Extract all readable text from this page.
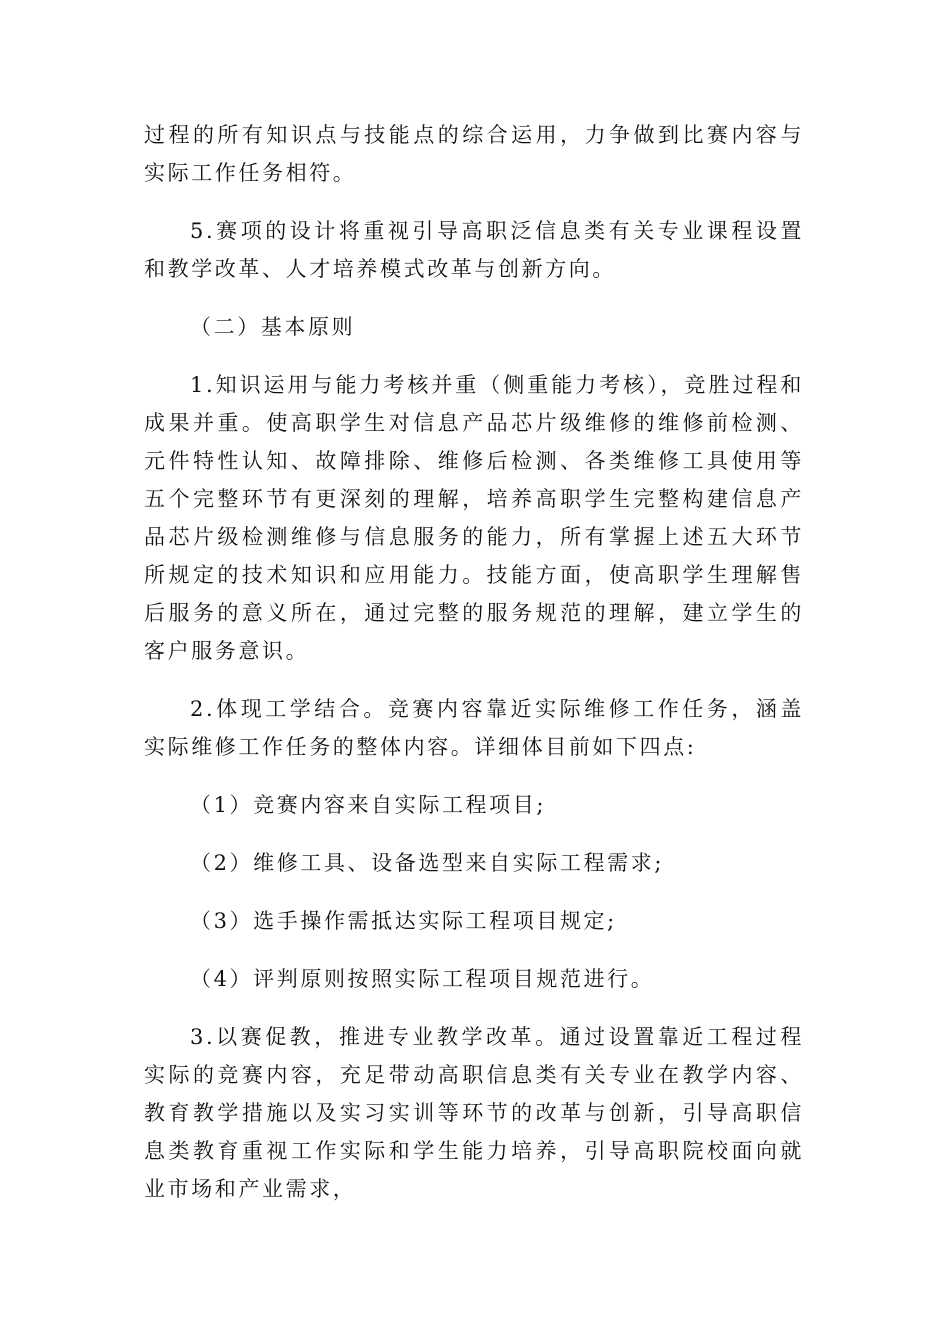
过程的所有知识点与技能点的综合运用，力争做到比赛内容与实际工作任务相符。

5.赛项的设计将重视引导高职泛信息类有关专业课程设置和教学改革、人才培养模式改革与创新方向。

（二）基本原则

1.知识运用与能力考核并重（侧重能力考核），竞胜过程和成果并重。使高职学生对信息产品芯片级维修的维修前检测、元件特性认知、故障排除、维修后检测、各类维修工具使用等五个完整环节有更深刻的理解，培养高职学生完整构建信息产品芯片级检测维修与信息服务的能力，所有掌握上述五大环节所规定的技术知识和应用能力。技能方面，使高职学生理解售后服务的意义所在，通过完整的服务规范的理解，建立学生的客户服务意识。

2.体现工学结合。竞赛内容靠近实际维修工作任务，涵盖实际维修工作任务的整体内容。详细体目前如下四点:

（1）竞赛内容来自实际工程项目;

（2）维修工具、设备选型来自实际工程需求;

（3）选手操作需抵达实际工程项目规定;

（4）评判原则按照实际工程项目规范进行。

3.以赛促教，推进专业教学改革。通过设置靠近工程过程实际的竞赛内容，充足带动高职信息类有关专业在教学内容、教育教学措施以及实习实训等环节的改革与创新，引导高职信息类教育重视工作实际和学生能力培养，引导高职院校面向就业市场和产业需求，
